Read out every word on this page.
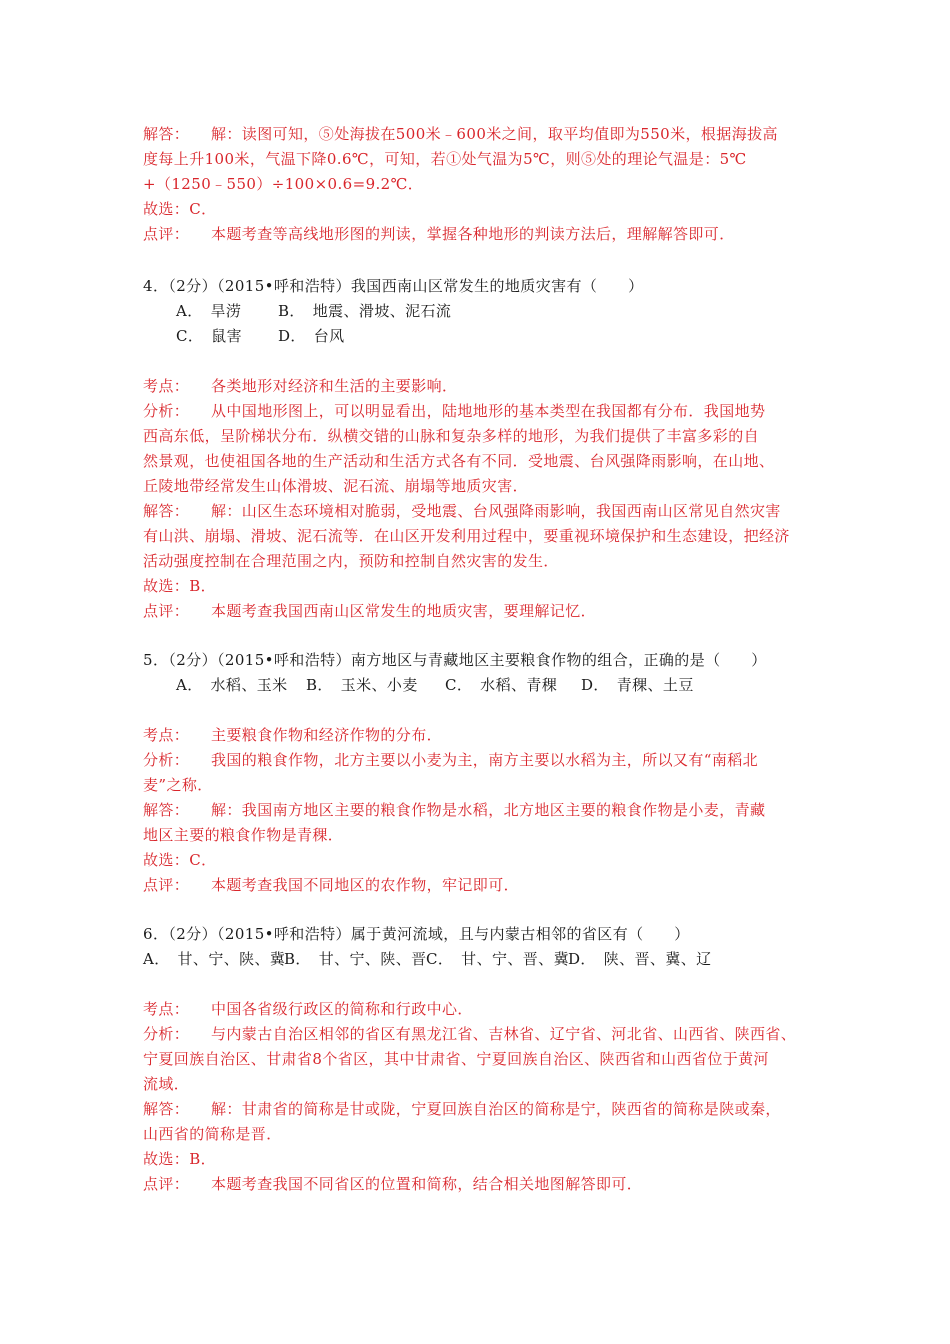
解答： 解：读图可知，⑤处海拔在500米﹣600米之间，取平均值即为550米，根据海拔高
度每上升100米，气温下降0.6℃，可知，若①处气温为5℃，则⑤处的理论气温是：5℃
+（1250﹣550）÷100×0.6=9.2℃．
故选：C．
点评： 本题考查等高线地形图的判读，掌握各种地形的判读方法后，理解解答即可．
4．（2分）（2015•呼和浩特）我国西南山区常发生的地质灾害有（　　）
A．　旱涝 B．　地震、滑坡、泥石流
C．　鼠害 D．　台风
考点： 各类地形对经济和生活的主要影响．
分析： 从中国地形图上，可以明显看出，陆地地形的基本类型在我国都有分布．我国地势
西高东低，呈阶梯状分布．纵横交错的山脉和复杂多样的地形，为我们提供了丰富多彩的自
然景观，也使祖国各地的生产活动和生活方式各有不同．受地震、台风强降雨影响，在山地、
丘陵地带经常发生山体滑坡、泥石流、崩塌等地质灾害．
解答： 解：山区生态环境相对脆弱，受地震、台风强降雨影响，我国西南山区常见自然灾害
有山洪、崩塌、滑坡、泥石流等．在山区开发利用过程中，要重视环境保护和生态建设，把经济
活动强度控制在合理范围之内，预防和控制自然灾害的发生．
故选：B．
点评： 本题考查我国西南山区常发生的地质灾害，要理解记忆．
5．（2分）（2015•呼和浩特）南方地区与青藏地区主要粮食作物的组合，正确的是（　　）
A．　水稻、玉米 B．　玉米、小麦 C．　水稻、青稞 D．　青稞、土豆
考点： 主要粮食作物和经济作物的分布．
分析： 我国的粮食作物，北方主要以小麦为主，南方主要以水稻为主，所以又有“南稻北
麦”之称．
解答： 解：我国南方地区主要的粮食作物是水稻，北方地区主要的粮食作物是小麦，青藏
地区主要的粮食作物是青稞．
故选：C．
点评： 本题考查我国不同地区的农作物，牢记即可．
6．（2分）（2015•呼和浩特）属于黄河流域，且与内蒙古相邻的省区有（　　）
A．　甘、宁、陕、冀
B．　甘、宁、陕、晋 C．　甘、宁、晋、冀 D．　陕、晋、冀、辽
考点： 中国各省级行政区的简称和行政中心．
分析： 与内蒙古自治区相邻的省区有黑龙江省、吉林省、辽宁省、河北省、山西省、陕西省、
宁夏回族自治区、甘肃省8个省区，其中甘肃省、宁夏回族自治区、陕西省和山西省位于黄河
流域．
解答： 解：甘肃省的简称是甘或陇，宁夏回族自治区的简称是宁，陕西省的简称是陕或秦，
山西省的简称是晋．
故选：B．
点评： 本题考查我国不同省区的位置和简称，结合相关地图解答即可．
